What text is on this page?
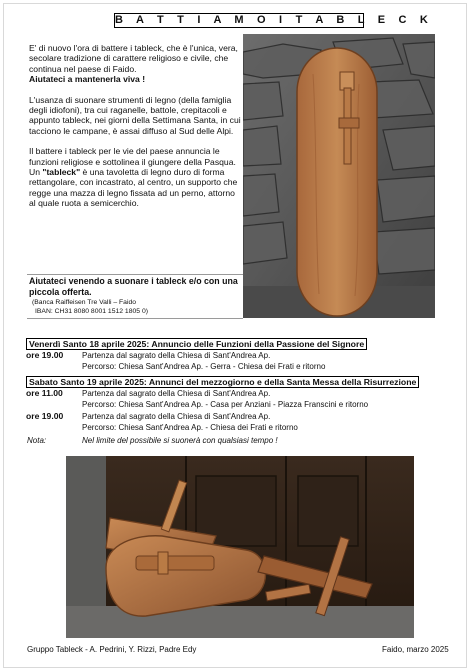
B A T T I A M O I T A B L E C K

E' di nuovo l'ora di battere i tableck, che è l'unica, vera, secolare tradizione di carattere religioso e civile, che continua nel paese di Faido.
Aiutateci a mantenerla viva !

L'usanza di suonare strumenti di legno (della famiglia degli idiofoni), tra cui raganelle, battole, crepitacoli e appunto tableck, nei giorni della Settimana Santa, in cui tacciono le campane, è assai diffuso al Sud delle Alpi.

Il battere i tableck per le vie del paese annuncia le funzioni religiose e sottolinea il giungere della Pasqua. Un "tableck" è una tavoletta di legno duro di forma rettangolare, con incastrato, al centro, un supporto che regge una mazza di legno fissata ad un perno, attorno al quale ruota a semicerchio.

Aiutateci venendo a suonare i tableck e/o con una piccola offerta.
(Banca Raiffeisen Tre Valli – Faido
IBAN: CH31 8080 8001 1512 1805 0)
Venerdì Santo 18 aprile 2025: Annuncio delle Funzioni della Passione del Signore
ore 19.00 Partenza dal sagrato della Chiesa di Sant'Andrea Ap.
Percorso: Chiesa Sant'Andrea Ap. - Gerra - Chiesa dei Frati e ritorno
Sabato Santo 19 aprile 2025: Annunci del mezzogiorno e della Santa Messa della Risurrezione
ore 11.00 Partenza dal sagrato della Chiesa di Sant'Andrea Ap.
Percorso: Chiesa Sant'Andrea Ap. - Casa per Anziani - Piazza Franscini e ritorno
ore 19.00 Partenza dal sagrato della Chiesa di Sant'Andrea Ap.
Percorso: Chiesa Sant'Andrea Ap. - Chiesa dei Frati e ritorno
Nota:	Nel limite del possibile si suonerà con qualsiasi tempo !
Gruppo Tableck - A. Pedrini, Y. Rizzi, Padre Edy	Faido, marzo 2025
